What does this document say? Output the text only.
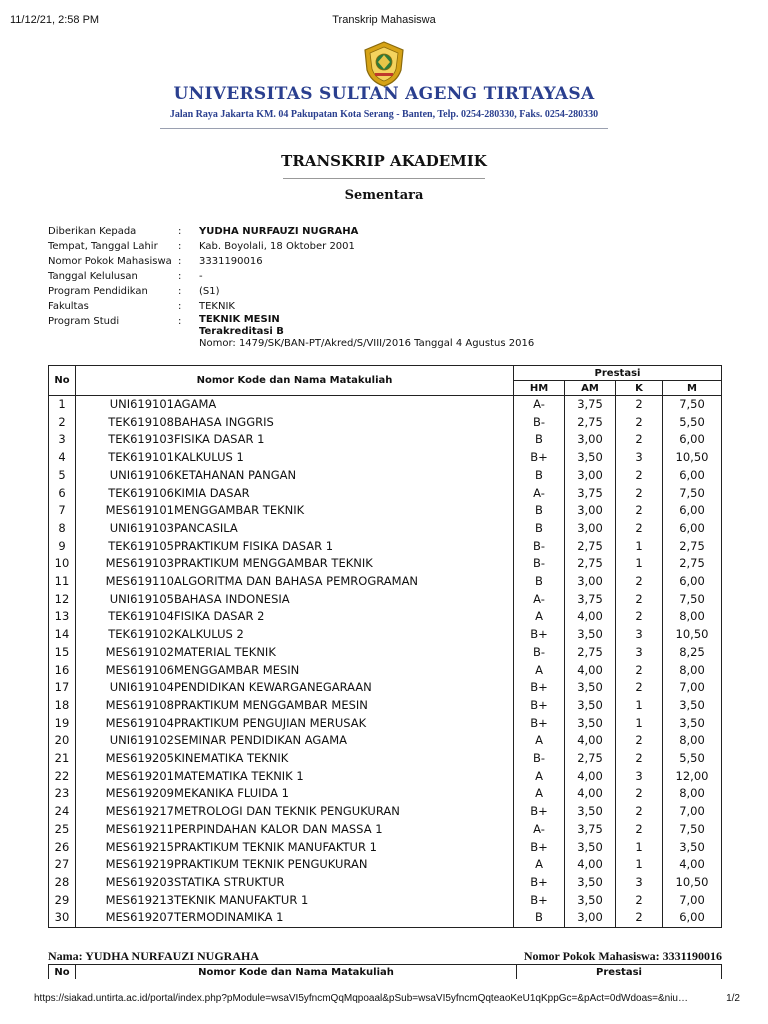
11/12/21, 2:58 PM	Transkrip Mahasiswa
UNIVERSITAS SULTAN AGENG TIRTAYASA
Jalan Raya Jakarta KM. 04 Pakupatan Kota Serang - Banten, Telp. 0254-280330, Faks. 0254-280330
TRANSKRIP AKADEMIK
Sementara
Diberikan Kepada	: YUDHA NURFAUZI NUGRAHA
Tempat, Tanggal Lahir : Kab. Boyolali, 18 Oktober 2001
Nomor Pokok Mahasiswa : 3331190016
Tanggal Kelulusan	: -
Program Pendidikan	: (S1)
Fakultas	: TEKNIK
Program Studi	: TEKNIK MESIN
Terakreditasi B
Nomor: 1479/SK/BAN-PT/Akred/S/VIII/2016 Tanggal 4 Agustus 2016
No	Nomor Kode dan Nama Matakuliah		Prestasi			
			HM	AM	K	M
1	UNI619101	AGAMA	A-	3,75	2	7,50
2	TEK619108	BAHASA INGGRIS	B-	2,75	2	5,50
3	TEK619103	FISIKA DASAR 1	B	3,00	2	6,00
4	TEK619101	KALKULUS 1	B+	3,50	3	10,50
5	UNI619106	KETAHANAN PANGAN	B	3,00	2	6,00
6	TEK619106	KIMIA DASAR	A-	3,75	2	7,50
7	MES619101	MENGGAMBAR TEKNIK	B	3,00	2	6,00
8	UNI619103	PANCASILA	B	3,00	2	6,00
9	TEK619105	PRAKTIKUM FISIKA DASAR 1	B-	2,75	1	2,75
10	MES619103	PRAKTIKUM MENGGAMBAR TEKNIK	B-	2,75	1	2,75
11	MES619110	ALGORITMA DAN BAHASA PEMROGRAMAN	B	3,00	2	6,00
12	UNI619105	BAHASA INDONESIA	A-	3,75	2	7,50
13	TEK619104	FISIKA DASAR 2	A	4,00	2	8,00
14	TEK619102	KALKULUS 2	B+	3,50	3	10,50
15	MES619102	MATERIAL TEKNIK	B-	2,75	3	8,25
16	MES619106	MENGGAMBAR MESIN	A	4,00	2	8,00
17	UNI619104	PENDIDIKAN KEWARGANEGARAAN	B+	3,50	2	7,00
18	MES619108	PRAKTIKUM MENGGAMBAR MESIN	B+	3,50	1	3,50
19	MES619104	PRAKTIKUM PENGUJIAN MERUSAK	B+	3,50	1	3,50
20	UNI619102	SEMINAR PENDIDIKAN AGAMA	A	4,00	2	8,00
21	MES619205	KINEMATIKA TEKNIK	B-	2,75	2	5,50
22	MES619201	MATEMATIKA TEKNIK 1	A	4,00	3	12,00
23	MES619209	MEKANIKA FLUIDA 1	A	4,00	2	8,00
24	MES619217	METROLOGI DAN TEKNIK PENGUKURAN	B+	3,50	2	7,00
25	MES619211	PERPINDAHAN KALOR DAN MASSA 1	A-	3,75	2	7,50
26	MES619215	PRAKTIKUM TEKNIK MANUFAKTUR 1	B+	3,50	1	3,50
27	MES619219	PRAKTIKUM TEKNIK PENGUKURAN	A	4,00	1	4,00
28	MES619203	STATIKA STRUKTUR	B+	3,50	3	10,50
29	MES619213	TEKNIK MANUFAKTUR 1	B+	3,50	2	7,00
30	MES619207	TERMODINAMIKA 1	B	3,00	2	6,00
Nama: YUDHA NURFAUZI NUGRAHA	Nomor Pokok Mahasiswa: 3331190016
No	Nomor Kode dan Nama Matakuliah	Prestasi
https://siakad.untirta.ac.id/portal/index.php?pModule=wsaVI5yfncmQqMqpoaal&pSub=wsaVI5yfncmQqteaoKeU1qKppGc=&pAct=0dWdoas=&niu…	1/2
